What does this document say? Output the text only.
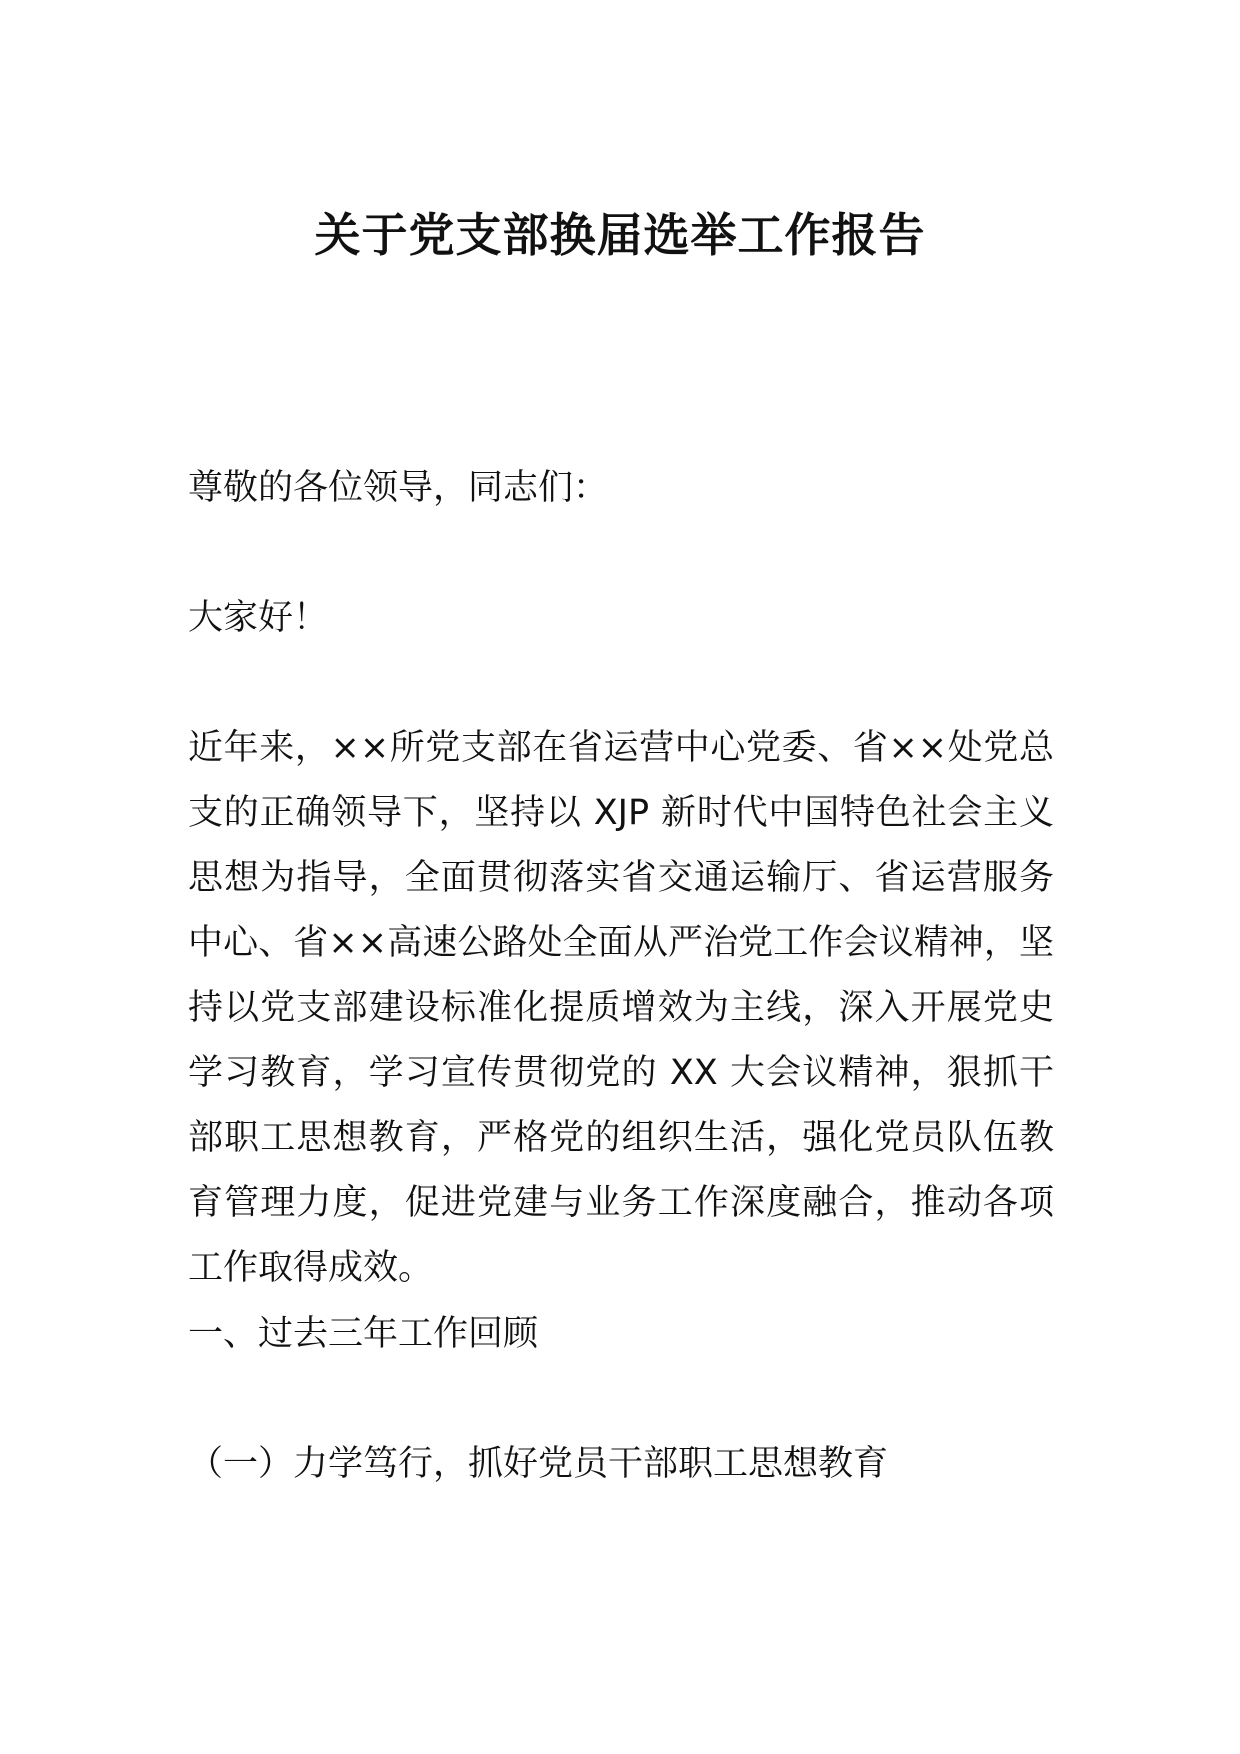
关于党支部换届选举工作报告

尊敬的各位领导，同志们：

大家好！

近年来，××所党支部在省运营中心党委、省××处党总支的正确领导下，坚持以 XJP 新时代中国特色社会主义思想为指导，全面贯彻落实省交通运输厅、省运营服务中心、省××高速公路处全面从严治党工作会议精神，坚持以党支部建设标准化提质增效为主线，深入开展党史学习教育，学习宣传贯彻党的 XX 大会议精神，狠抓干部职工思想教育，严格党的组织生活，强化党员队伍教育管理力度，促进党建与业务工作深度融合，推动各项工作取得成效。

一、过去三年工作回顾

（一）力学笃行，抓好党员干部职工思想教育
